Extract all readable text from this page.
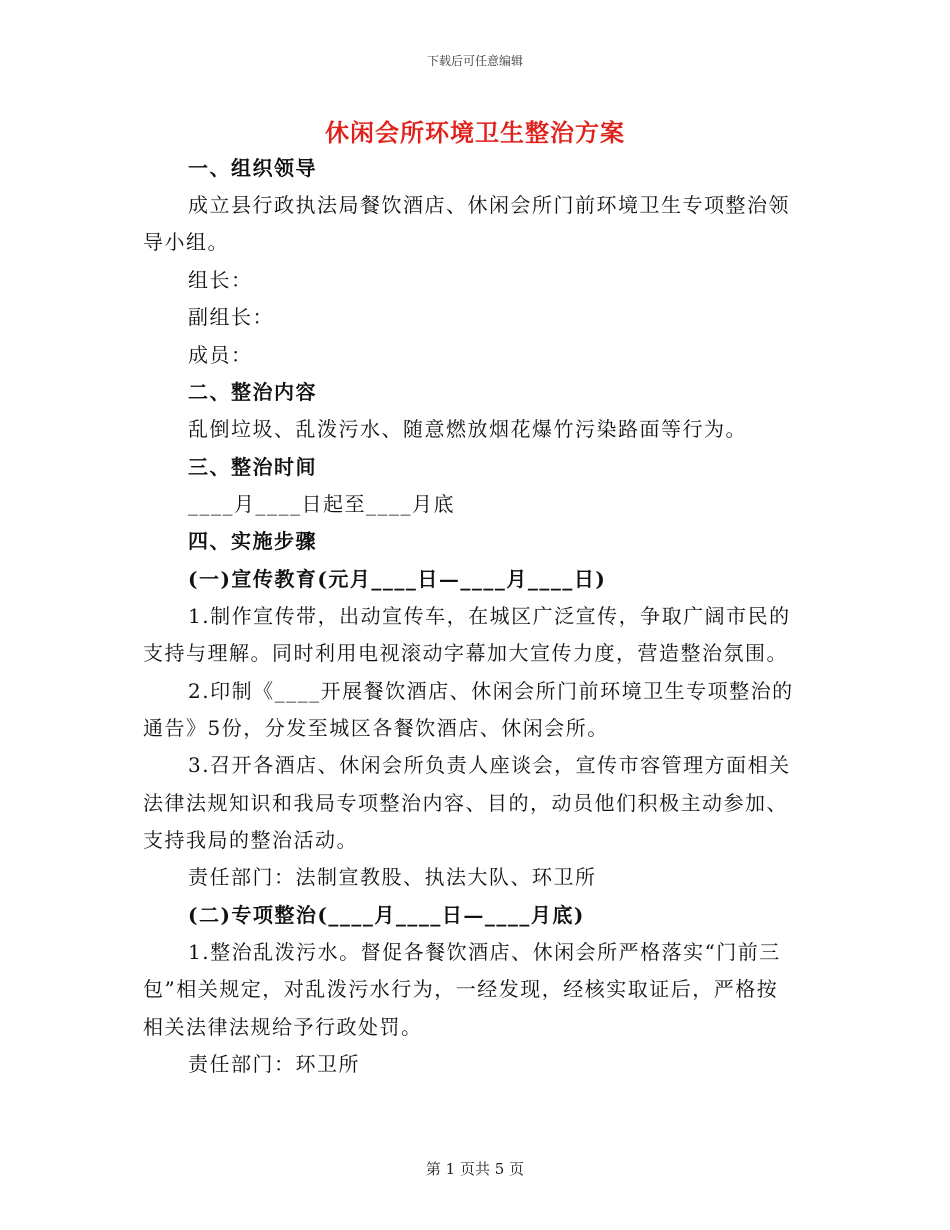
下载后可任意编辑
休闲会所环境卫生整治方案
一、组织领导
成立县行政执法局餐饮酒店、休闲会所门前环境卫生专项整治领
导小组。
组长：
副组长：
成员：
二、整治内容
乱倒垃圾、乱泼污水、随意燃放烟花爆竹污染路面等行为。
三、整治时间
____月____日起至____月底
四、实施步骤
(一)宣传教育(元月____日—____月____日)
1.制作宣传带，出动宣传车，在城区广泛宣传，争取广阔市民的
支持与理解。同时利用电视滚动字幕加大宣传力度，营造整治氛围。
2.印制《____开展餐饮酒店、休闲会所门前环境卫生专项整治的
通告》5份，分发至城区各餐饮酒店、休闲会所。
3.召开各酒店、休闲会所负责人座谈会，宣传市容管理方面相关
法律法规知识和我局专项整治内容、目的，动员他们积极主动参加、
支持我局的整治活动。
责任部门：法制宣教股、执法大队、环卫所
(二)专项整治(____月____日—____月底)
1.整治乱泼污水。督促各餐饮酒店、休闲会所严格落实“门前三
包”相关规定，对乱泼污水行为，一经发现，经核实取证后，严格按
相关法律法规给予行政处罚。
责任部门：环卫所
第 1 页共 5 页
